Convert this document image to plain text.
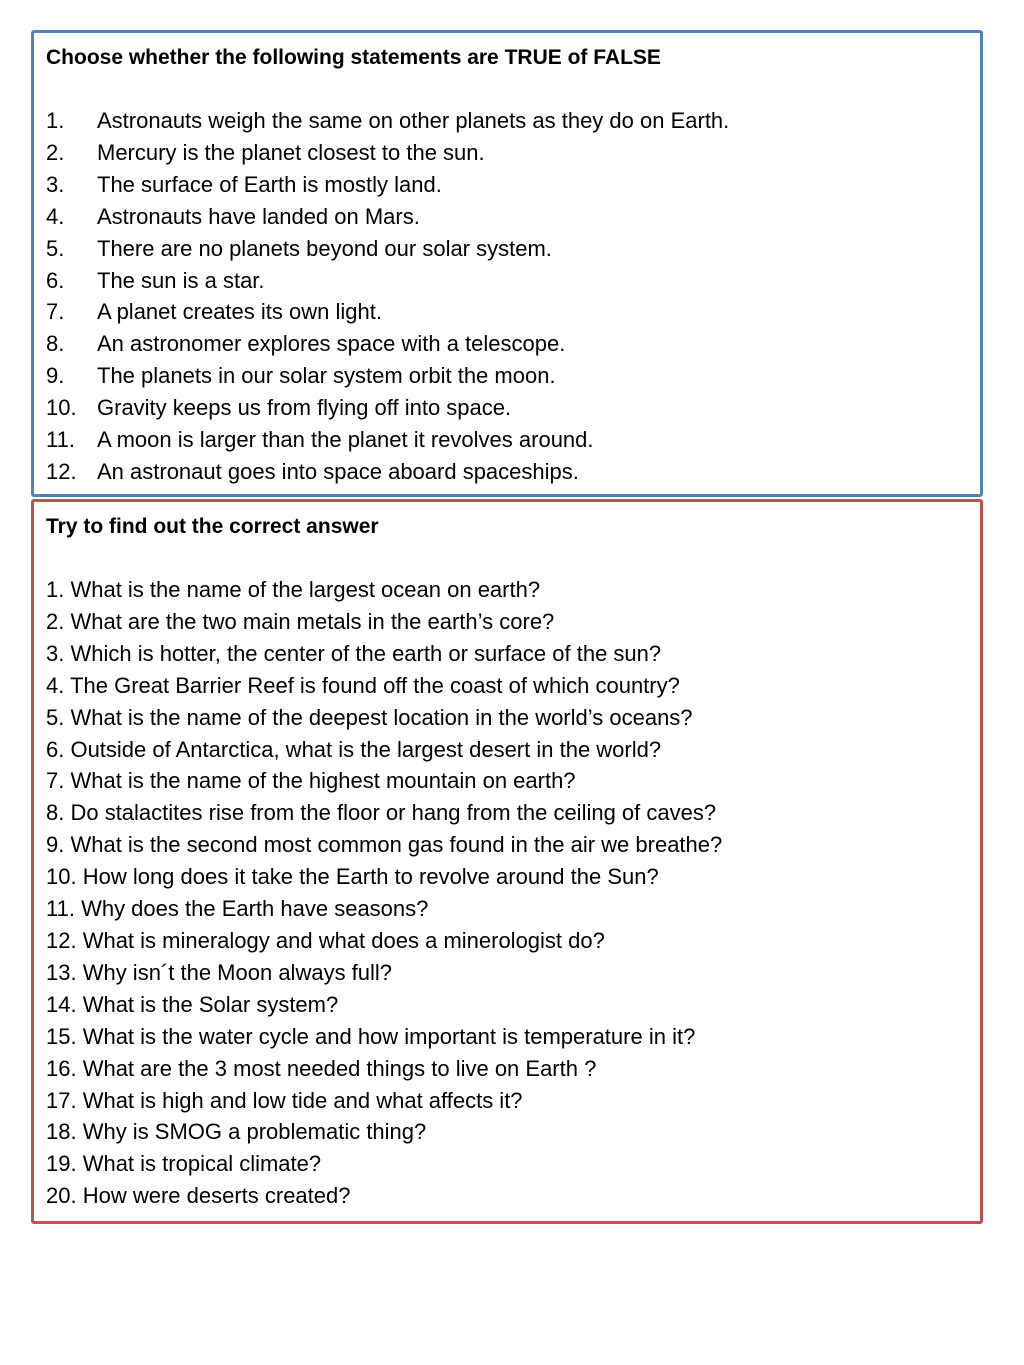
Choose whether the following statements are TRUE of FALSE
1. Astronauts weigh the same on other planets as they do on Earth.
2. Mercury is the planet closest to the sun.
3. The surface of Earth is mostly land.
4. Astronauts have landed on Mars.
5. There are no planets beyond our solar system.
6. The sun is a star.
7. A planet creates its own light.
8. An astronomer explores space with a telescope.
9. The planets in our solar system orbit the moon.
10. Gravity keeps us from flying off into space.
11. A moon is larger than the planet it revolves around.
12. An astronaut goes into space aboard spaceships.
Try to find out the correct answer
1. What is the name of the largest ocean on earth?
2. What are the two main metals in the earth’s core?
3. Which is hotter, the center of the earth or surface of the sun?
4. The Great Barrier Reef is found off the coast of which country?
5. What is the name of the deepest location in the world’s oceans?
6. Outside of Antarctica, what is the largest desert in the world?
7. What is the name of the highest mountain on earth?
8. Do stalactites rise from the floor or hang from the ceiling of caves?
9. What is the second most common gas found in the air we breathe?
10. How long does it take the Earth to revolve around the Sun?
11. Why does the Earth have seasons?
12. What is mineralogy and what does a minerologist do?
13. Why isn´t the Moon always full?
14. What is the Solar system?
15. What is the water cycle and how important is temperature in it?
16. What are the 3 most needed things to live on Earth ?
17. What is high and low tide and what affects it?
18. Why is SMOG a problematic thing?
19. What is tropical climate?
20. How were deserts created?
